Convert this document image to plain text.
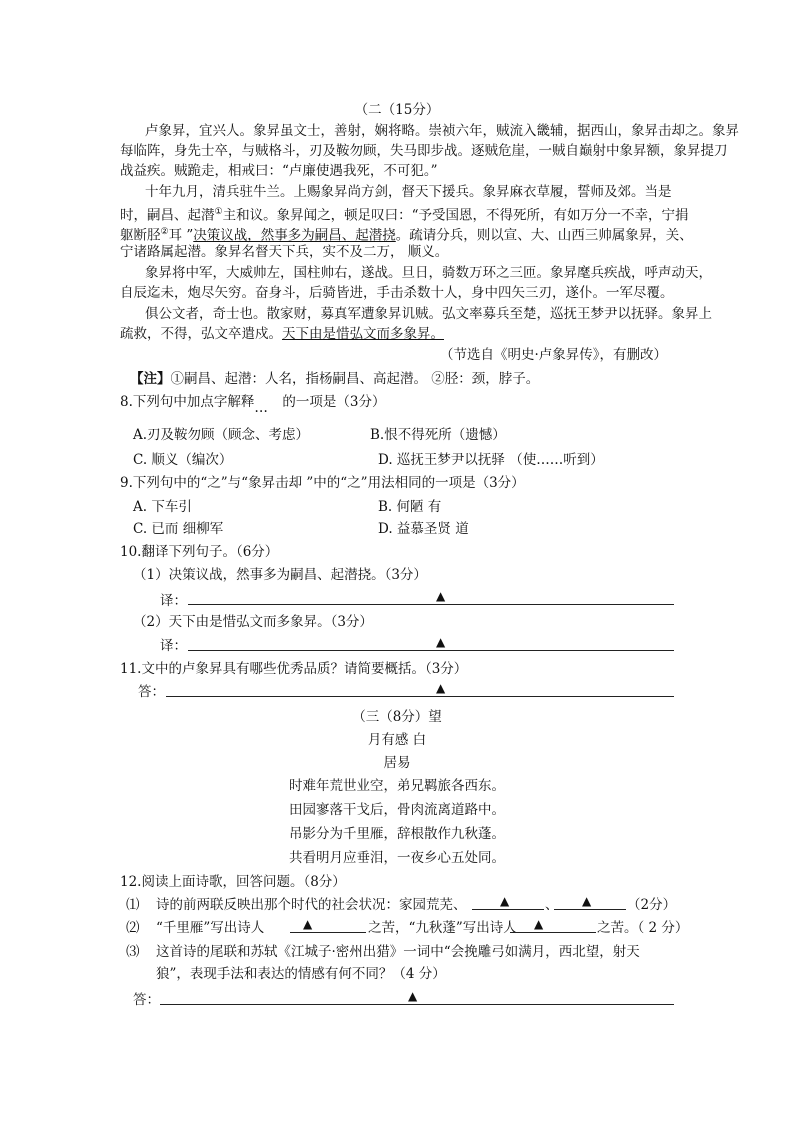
（二（15分）
卢象昇，宜兴人。象昇虽文士，善射，娴将略。崇祯六年，贼流入畿辅，据西山，象昇击却之。象昇
每临阵，身先士卒，与贼格斗，刃及鞍勿顾，失马即步战。逐贼危崖，一贼自巅射中象昇额，象昇提刀
战益疾。贼跪走，相戒曰：“卢廉使遇我死，不可犯。”
十年九月，清兵驻牛兰。上赐象昇尚方剑，督天下援兵。象昇麻衣草履，誓师及郊。当是
时，嗣昌、起潜①主和议。象昇闻之，顿足叹曰：“予受国恩，不得死所，有如万分一不幸，宁捐
躯断胫②耳 ”决策议战，然事多为嗣昌、起潜挠。疏请分兵，则以宣、大、山西三帅属象昇，关、
宁诸路属起潜。象昇名督天下兵，实不及二万， 顺义。
象昇将中军，大威帅左，国柱帅右，遂战。旦日，骑数万环之三匝。象昇麾兵疾战，呼声动天，
自辰迄未，炮尽矢穷。奋身斗，后骑皆进，手击杀数十人，身中四矢三刃，遂仆。一军尽覆。
俱公文者，奇士也。散家财，募真军遭象昇讥贼。弘文率募兵至楚，巡抚王梦尹以抚驿。象昇上
疏救，不得，弘文卒遣戍。天下由是惜弘文而多象昇。
（节选自《明史·卢象昇传》，有删改）
【注】①嗣昌、起潜：人名，指杨嗣昌、高起潜。 ②胫：颈，脖子。
8.下列句中加点字解释… 的一项是（3分）
A.刃及鞍勿顾（顾念、考虑）	B.恨不得死所（遗憾）
C. 顺义（编次）	D. 巡抚王梦尹以抚驿 （使……听到）
9.下列句中的“之”与“象昇击却 ”中的“之”用法相同的一项是（3分）
A. 下车引	B. 何陋 有
C. 已而 细柳军	D. 益慕圣贤 道
10.翻译下列句子。（6分）
（1）决策议战，然事多为嗣昌、起潜挠。（3分）
译：	▲
（2）天下由是惜弘文而多象昇。（3分）
译：	▲
11.文中的卢象昇具有哪些优秀品质？请简要概括。（3分）
答：	▲
（三（8分）望
月有感 白
居易
时难年荒世业空，弟兄羁旅各西东。
田园寥落干戈后，骨肉流离道路中。
吊影分为千里雁，辞根散作九秋蓬。
共看明月应垂泪，一夜乡心五处同。
12.阅读上面诗歌，回答问题。（8分）
⑴ 诗的前两联反映出那个时代的社会状况：家园荒芜、	▲	、 ▲	（2分）
⑵ “千里雁”写出诗人	▲	之苦，“九秋蓬”写出诗人 ▲	之苦。（ 2 分）
⑶ 这首诗的尾联和苏轼《江城子·密州出猎》一词中“会挽雕弓如满月，西北望，射天
狼”，表现手法和表达的情感有何不同？（4 分）
答：	▲
